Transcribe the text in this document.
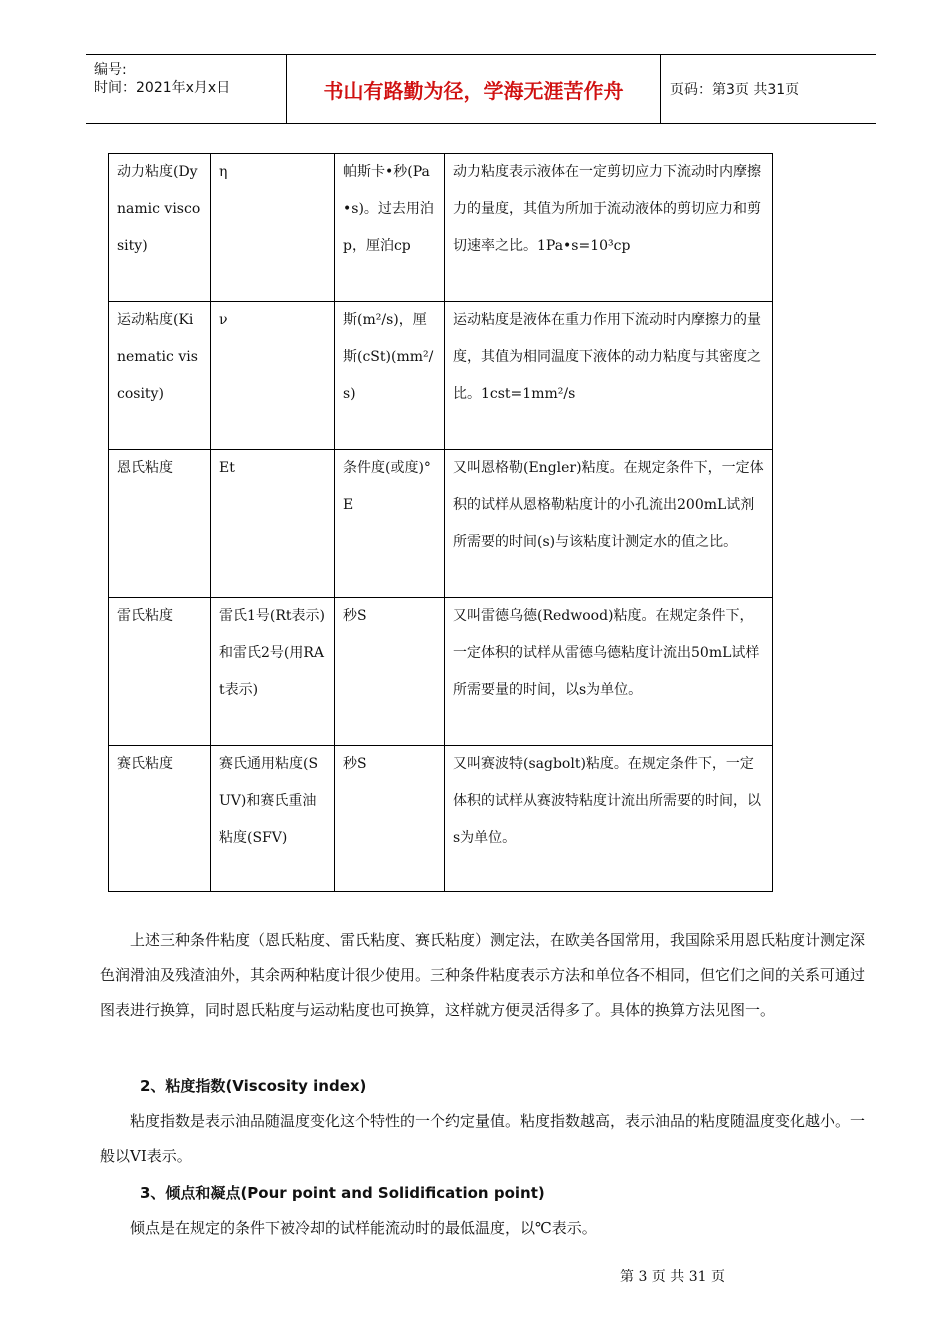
编号:
时间：2021年x月x日	书山有路勤为径，学海无涯苦作舟	页码：第3页 共31页
动力粘度(Dynamic viscosity)	η	帕斯卡•秒(Pa•s)。过去用泊p，厘泊cp	动力粘度表示液体在一定剪切应力下流动时内摩擦力的量度，其值为所加于流动液体的剪切应力和剪切速率之比。1Pa•s=10³cp
运动粘度(Kinematic viscosity)	ν	斯(m²/s)，厘斯(cSt)(mm²/s)	运动粘度是液体在重力作用下流动时内摩擦力的量度，其值为相同温度下液体的动力粘度与其密度之比。1cst=1mm²/s
恩氏粘度	Et	条件度(或度)°E	又叫恩格勒(Engler)粘度。在规定条件下，一定体积的试样从恩格勒粘度计的小孔流出200mL试剂所需要的时间(s)与该粘度计测定水的值之比。
雷氏粘度	雷氏1号(Rt表示)和雷氏2号(用RAt表示)	秒S	又叫雷德乌德(Redwood)粘度。在规定条件下，一定体积的试样从雷德乌德粘度计流出50mL试样所需要量的时间，以s为单位。
赛氏粘度	赛氏通用粘度(SUV)和赛氏重油粘度(SFV)	秒S	又叫赛波特(sagbolt)粘度。在规定条件下，一定体积的试样从赛波特粘度计流出所需要的时间，以s为单位。

上述三种条件粘度（恩氏粘度、雷氏粘度、赛氏粘度）测定法，在欧美各国常用，我国除采用恩氏粘度计测定深色润滑油及残渣油外，其余两种粘度计很少使用。三种条件粘度表示方法和单位各不相同，但它们之间的关系可通过图表进行换算，同时恩氏粘度与运动粘度也可换算，这样就方便灵活得多了。具体的换算方法见图一。

2、粘度指数(Viscosity index)

粘度指数是表示油品随温度变化这个特性的一个约定量值。粘度指数越高，表示油品的粘度随温度变化越小。一般以VI表示。

3、倾点和凝点(Pour point and Solidification point)

倾点是在规定的条件下被冷却的试样能流动时的最低温度，以℃表示。

第 3 页 共 31 页
